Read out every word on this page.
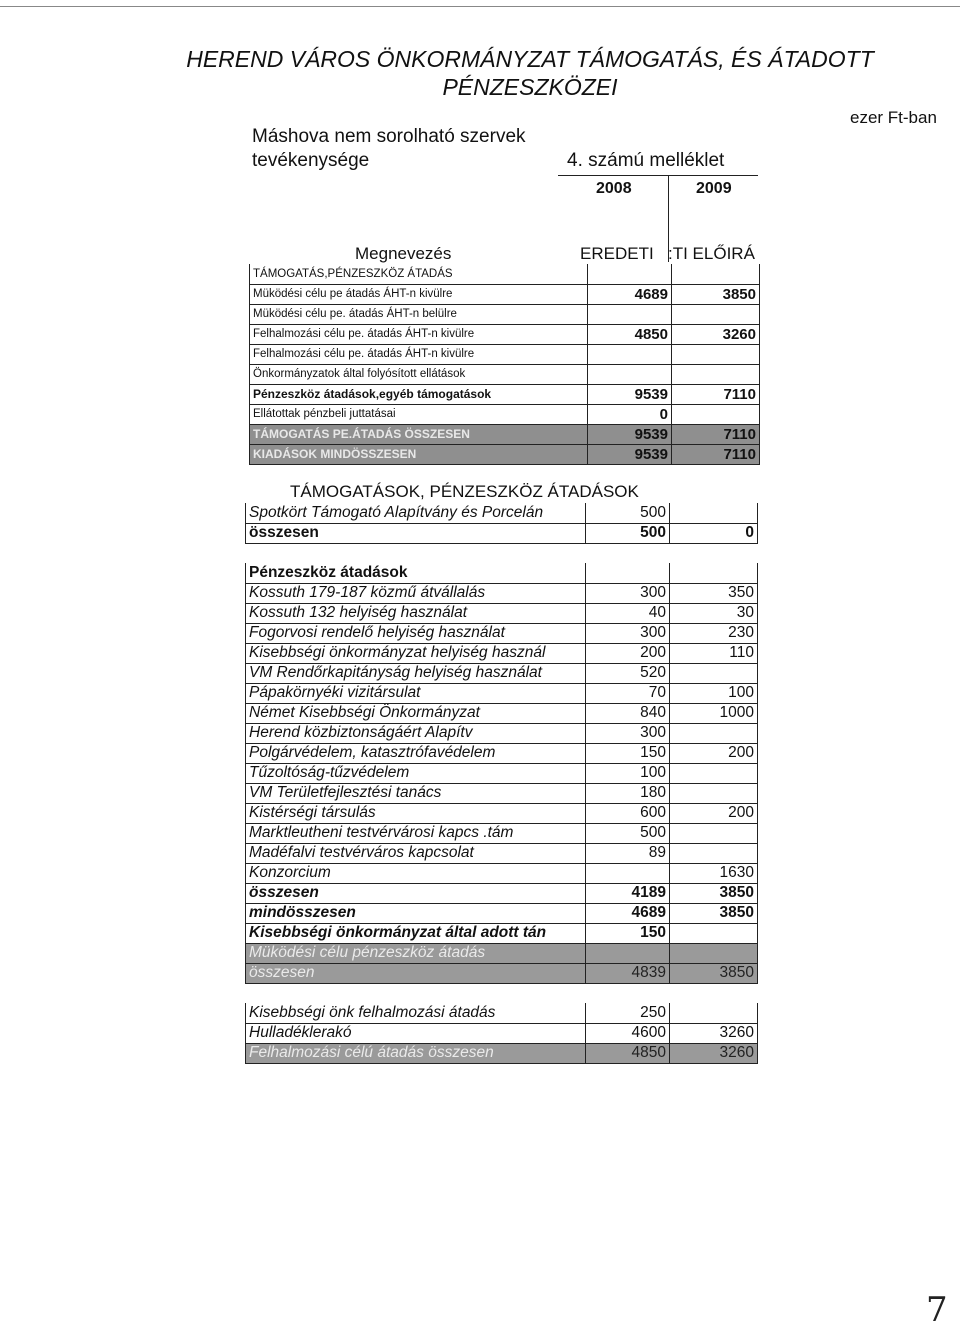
HEREND VÁROS ÖNKORMÁNYZAT TÁMOGATÁS, ÉS ÁTADOTT
PÉNZESZKÖZEI
ezer Ft-ban
Máshova nem sorolható szervek
tevékenysége	4. számú melléklet
2008	2009
Megnevezés	EREDETI :TI ELŐIRÁ
TÁMOGATÁS,PÉNZESZKÖZ ÁTADÁS		
Müködési célu pe átadás ÁHT-n kivülre	4689	3850
Müködési célu pe. átadás ÁHT-n belülre		
Felhalmozási célu pe. átadás ÁHT-n kivülre	4850	3260
Felhalmozási célu pe. átadás ÁHT-n kivülre		
Önkormányzatok által folyósított ellátások		
Pénzeszköz átadások,egyéb támogatások	9539	7110
Ellátottak pénzbeli juttatásai	0	
TÁMOGATÁS PE.ÁTADÁS ÖSSZESEN	9539	7110
KIADÁSOK MINDÖSSZESEN	9539	7110
TÁMOGATÁSOK, PÉNZESZKÖZ ÁTADÁSOK
Spotkört Támogató Alapítvány és Porcelán	500	
összesen	500	0

Pénzeszköz átadások		
Kossuth 179-187 közmű átvállalás	300	350
Kossuth 132 helyiség használat	40	30
Fogorvosi rendelő helyiség használat	300	230
Kisebbségi önkormányzat helyiség használ	200	110
VM Rendőrkapitányság helyiség használat	520	
Pápakörnyéki vizitársulat	70	100
Német Kisebbségi Önkormányzat	840	1000
Herend közbiztonságáért Alapítv	300	
Polgárvédelem, katasztrófavédelem	150	200
Tűzoltóság-tűzvédelem	100	
VM Területfejlesztési tanács	180	
Kistérségi társulás	600	200
Marktleutheni testvérvárosi kapcs .tám	500	
Madéfalvi testvérváros kapcsolat	89	
Konzorcium		1630
összesen	4189	3850
mindösszesen	4689	3850
Kisebbségi önkormányzat által adott tán	150	
Müködési célu pénzeszköz átadás		
összesen	4839	3850

Kisebbségi önk felhalmozási átadás	250	
Hulladéklerakó	4600	3260
Felhalmozási célú átadás összesen	4850	3260
7
